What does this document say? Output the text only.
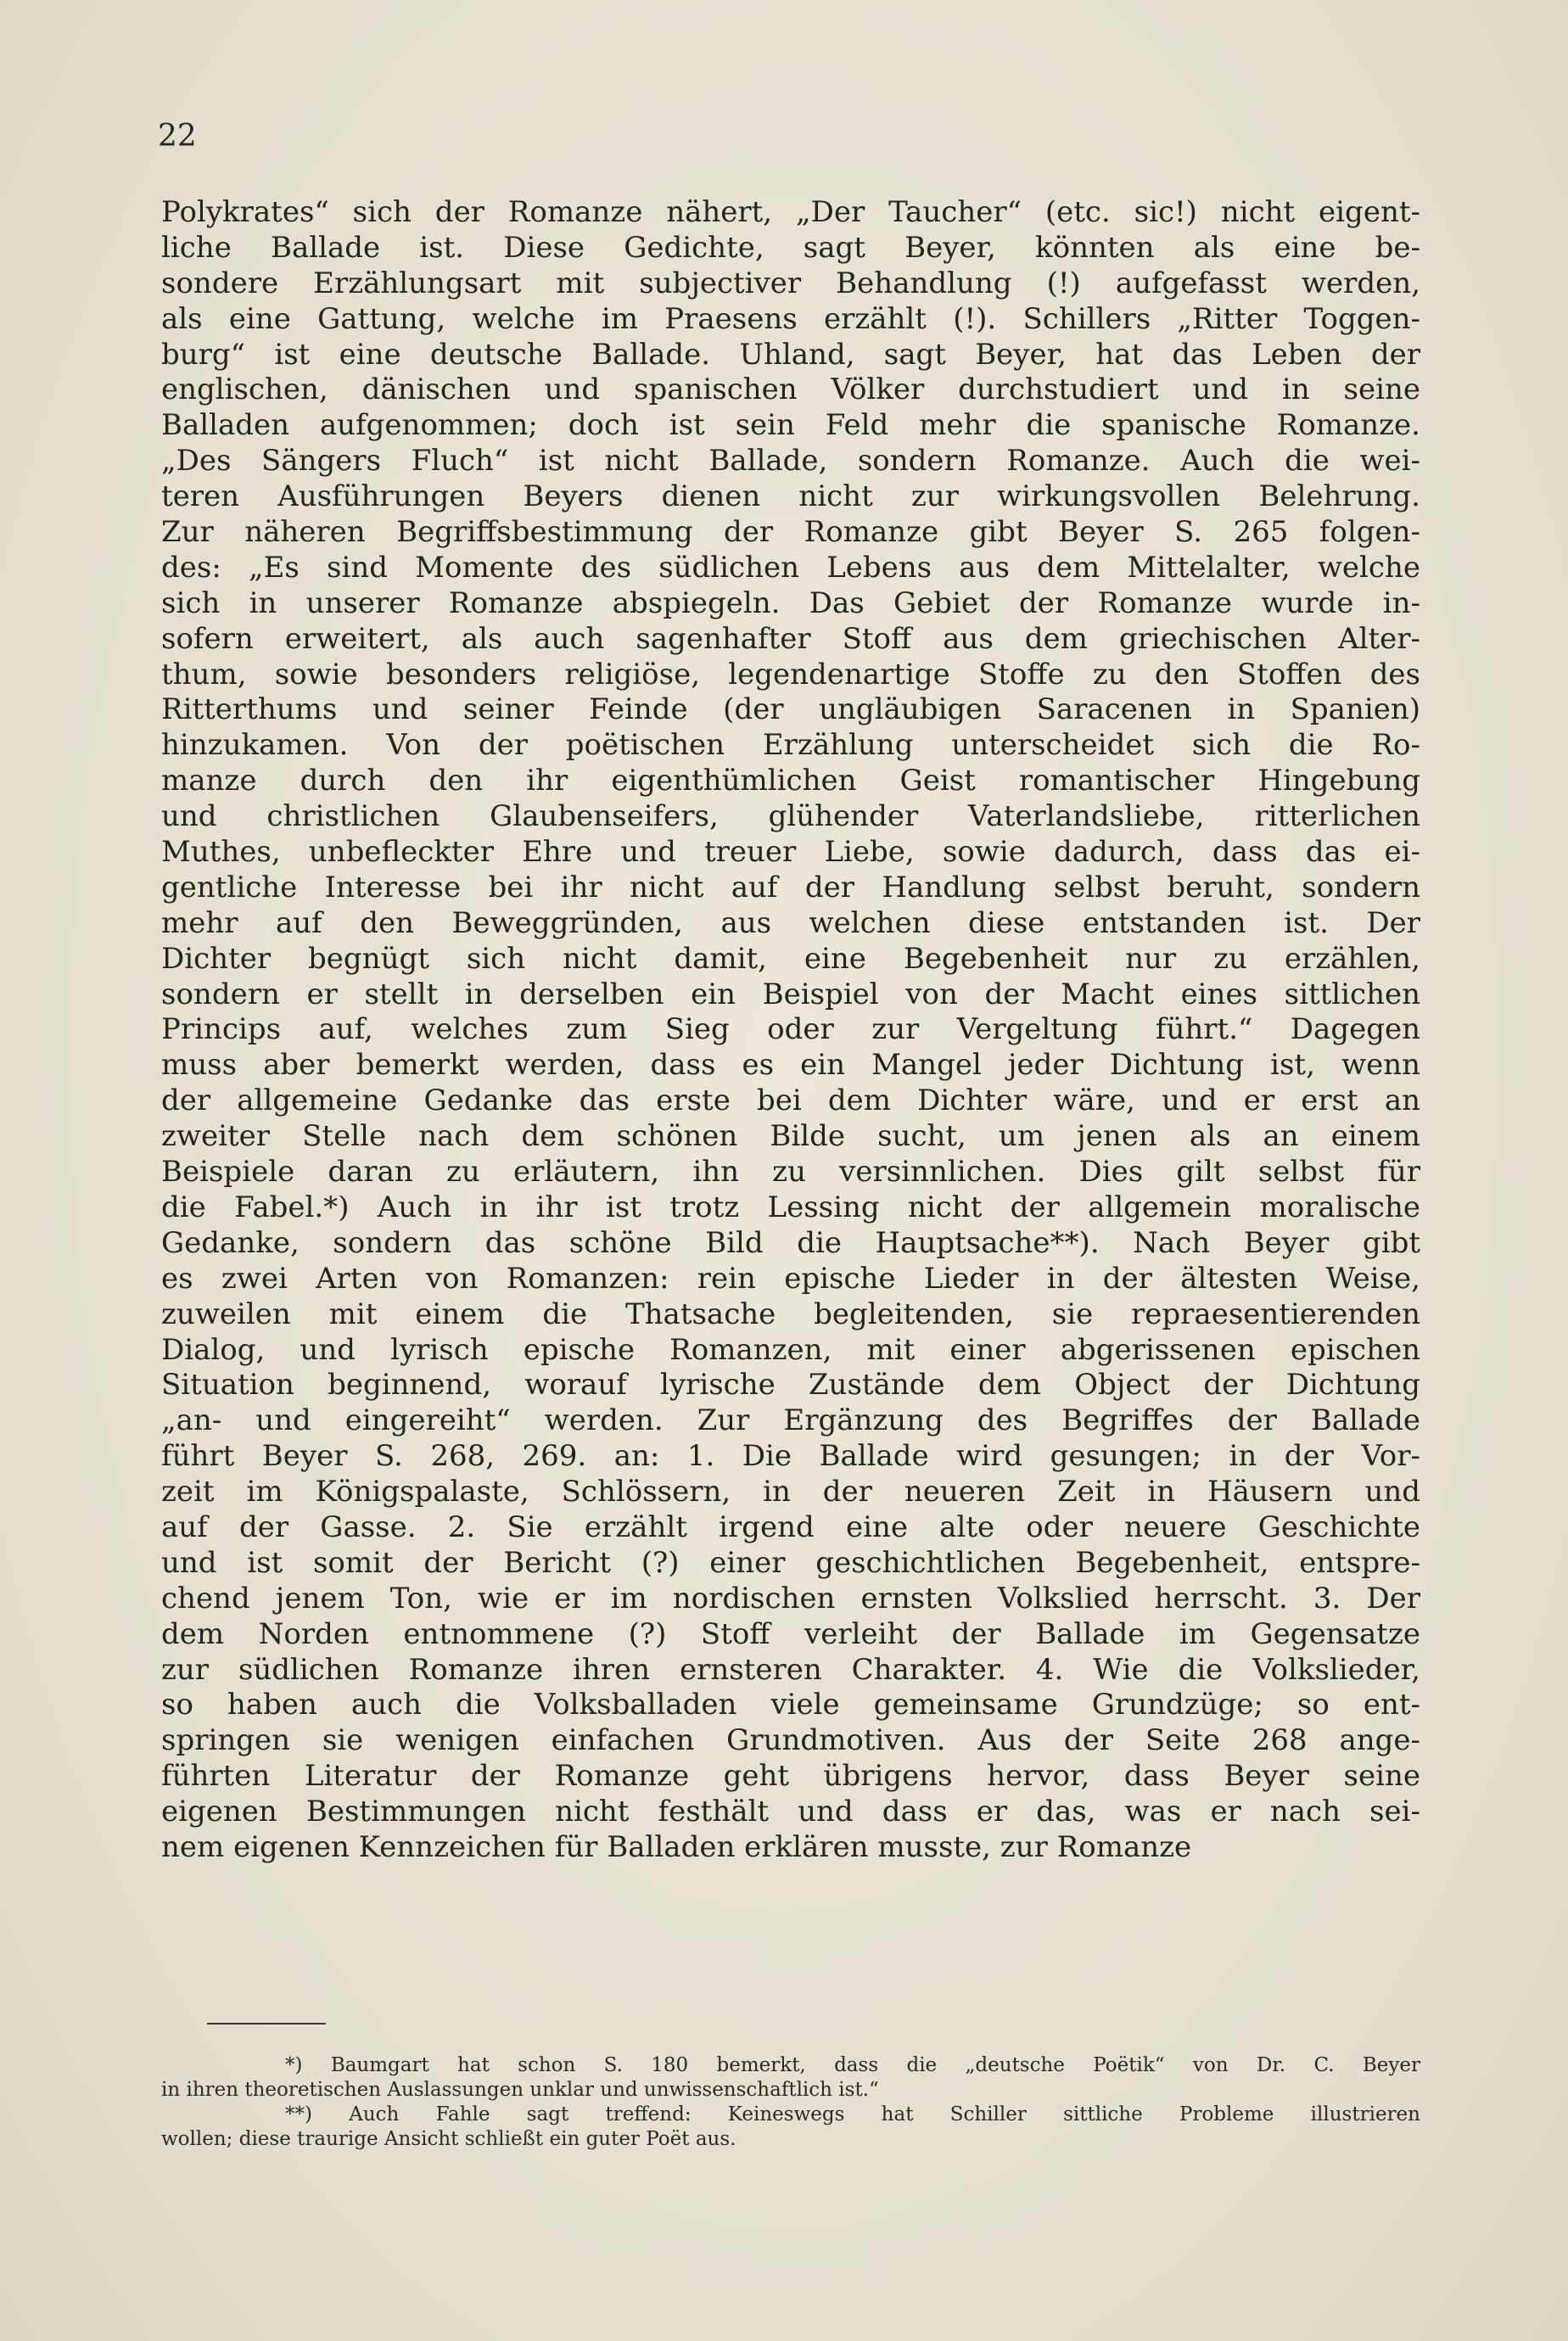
22
Polykrates“ sich der Romanze nähert, „Der Taucher“ (etc. sic!) nicht eigent-
liche Ballade ist. Diese Gedichte, sagt Beyer, könnten als eine be-
sondere Erzählungsart mit subjectiver Behandlung (!) aufgefasst werden,
als eine Gattung, welche im Praesens erzählt (!). Schillers „Ritter Toggen-
burg“ ist eine deutsche Ballade. Uhland, sagt Beyer, hat das Leben der
englischen, dänischen und spanischen Völker durchstudiert und in seine
Balladen aufgenommen; doch ist sein Feld mehr die spanische Romanze.
„Des Sängers Fluch“ ist nicht Ballade, sondern Romanze. Auch die wei-
teren Ausführungen Beyers dienen nicht zur wirkungsvollen Belehrung.
Zur näheren Begriffsbestimmung der Romanze gibt Beyer S. 265 folgen-
des: „Es sind Momente des südlichen Lebens aus dem Mittelalter, welche
sich in unserer Romanze abspiegeln. Das Gebiet der Romanze wurde in-
sofern erweitert, als auch sagenhafter Stoff aus dem griechischen Alter-
thum, sowie besonders religiöse, legendenartige Stoffe zu den Stoffen des
Ritterthums und seiner Feinde (der ungläubigen Saracenen in Spanien)
hinzukamen. Von der poëtischen Erzählung unterscheidet sich die Ro-
manze durch den ihr eigenthümlichen Geist romantischer Hingebung
und christlichen Glaubenseifers, glühender Vaterlandsliebe, ritterlichen
Muthes, unbefleckter Ehre und treuer Liebe, sowie dadurch, dass das ei-
gentliche Interesse bei ihr nicht auf der Handlung selbst beruht, sondern
mehr auf den Beweggründen, aus welchen diese entstanden ist. Der
Dichter begnügt sich nicht damit, eine Begebenheit nur zu erzählen,
sondern er stellt in derselben ein Beispiel von der Macht eines sittlichen
Princips auf, welches zum Sieg oder zur Vergeltung führt.“ Dagegen
muss aber bemerkt werden, dass es ein Mangel jeder Dichtung ist, wenn
der allgemeine Gedanke das erste bei dem Dichter wäre, und er erst an
zweiter Stelle nach dem schönen Bilde sucht, um jenen als an einem
Beispiele daran zu erläutern, ihn zu versinnlichen. Dies gilt selbst für
die Fabel.*) Auch in ihr ist trotz Lessing nicht der allgemein moralische
Gedanke, sondern das schöne Bild die Hauptsache**). Nach Beyer gibt
es zwei Arten von Romanzen: rein epische Lieder in der ältesten Weise,
zuweilen mit einem die Thatsache begleitenden, sie repraesentierenden
Dialog, und lyrisch epische Romanzen, mit einer abgerissenen epischen
Situation beginnend, worauf lyrische Zustände dem Object der Dichtung
„an- und eingereiht“ werden. Zur Ergänzung des Begriffes der Ballade
führt Beyer S. 268, 269. an: 1. Die Ballade wird gesungen; in der Vor-
zeit im Königspalaste, Schlössern, in der neueren Zeit in Häusern und
auf der Gasse. 2. Sie erzählt irgend eine alte oder neuere Geschichte
und ist somit der Bericht (?) einer geschichtlichen Begebenheit, entspre-
chend jenem Ton, wie er im nordischen ernsten Volkslied herrscht. 3. Der
dem Norden entnommene (?) Stoff verleiht der Ballade im Gegensatze
zur südlichen Romanze ihren ernsteren Charakter. 4. Wie die Volkslieder,
so haben auch die Volksballaden viele gemeinsame Grundzüge; so ent-
springen sie wenigen einfachen Grundmotiven. Aus der Seite 268 ange-
führten Literatur der Romanze geht übrigens hervor, dass Beyer seine
eigenen Bestimmungen nicht festhält und dass er das, was er nach sei-
nem eigenen Kennzeichen für Balladen erklären musste, zur Romanze
*) Baumgart hat schon S. 180 bemerkt, dass die „deutsche Poëtik“ von Dr. C. Beyer
in ihren theoretischen Auslassungen unklar und unwissenschaftlich ist.“
**) Auch Fahle sagt treffend: Keineswegs hat Schiller sittliche Probleme illustrieren
wollen; diese traurige Ansicht schließt ein guter Poët aus.
